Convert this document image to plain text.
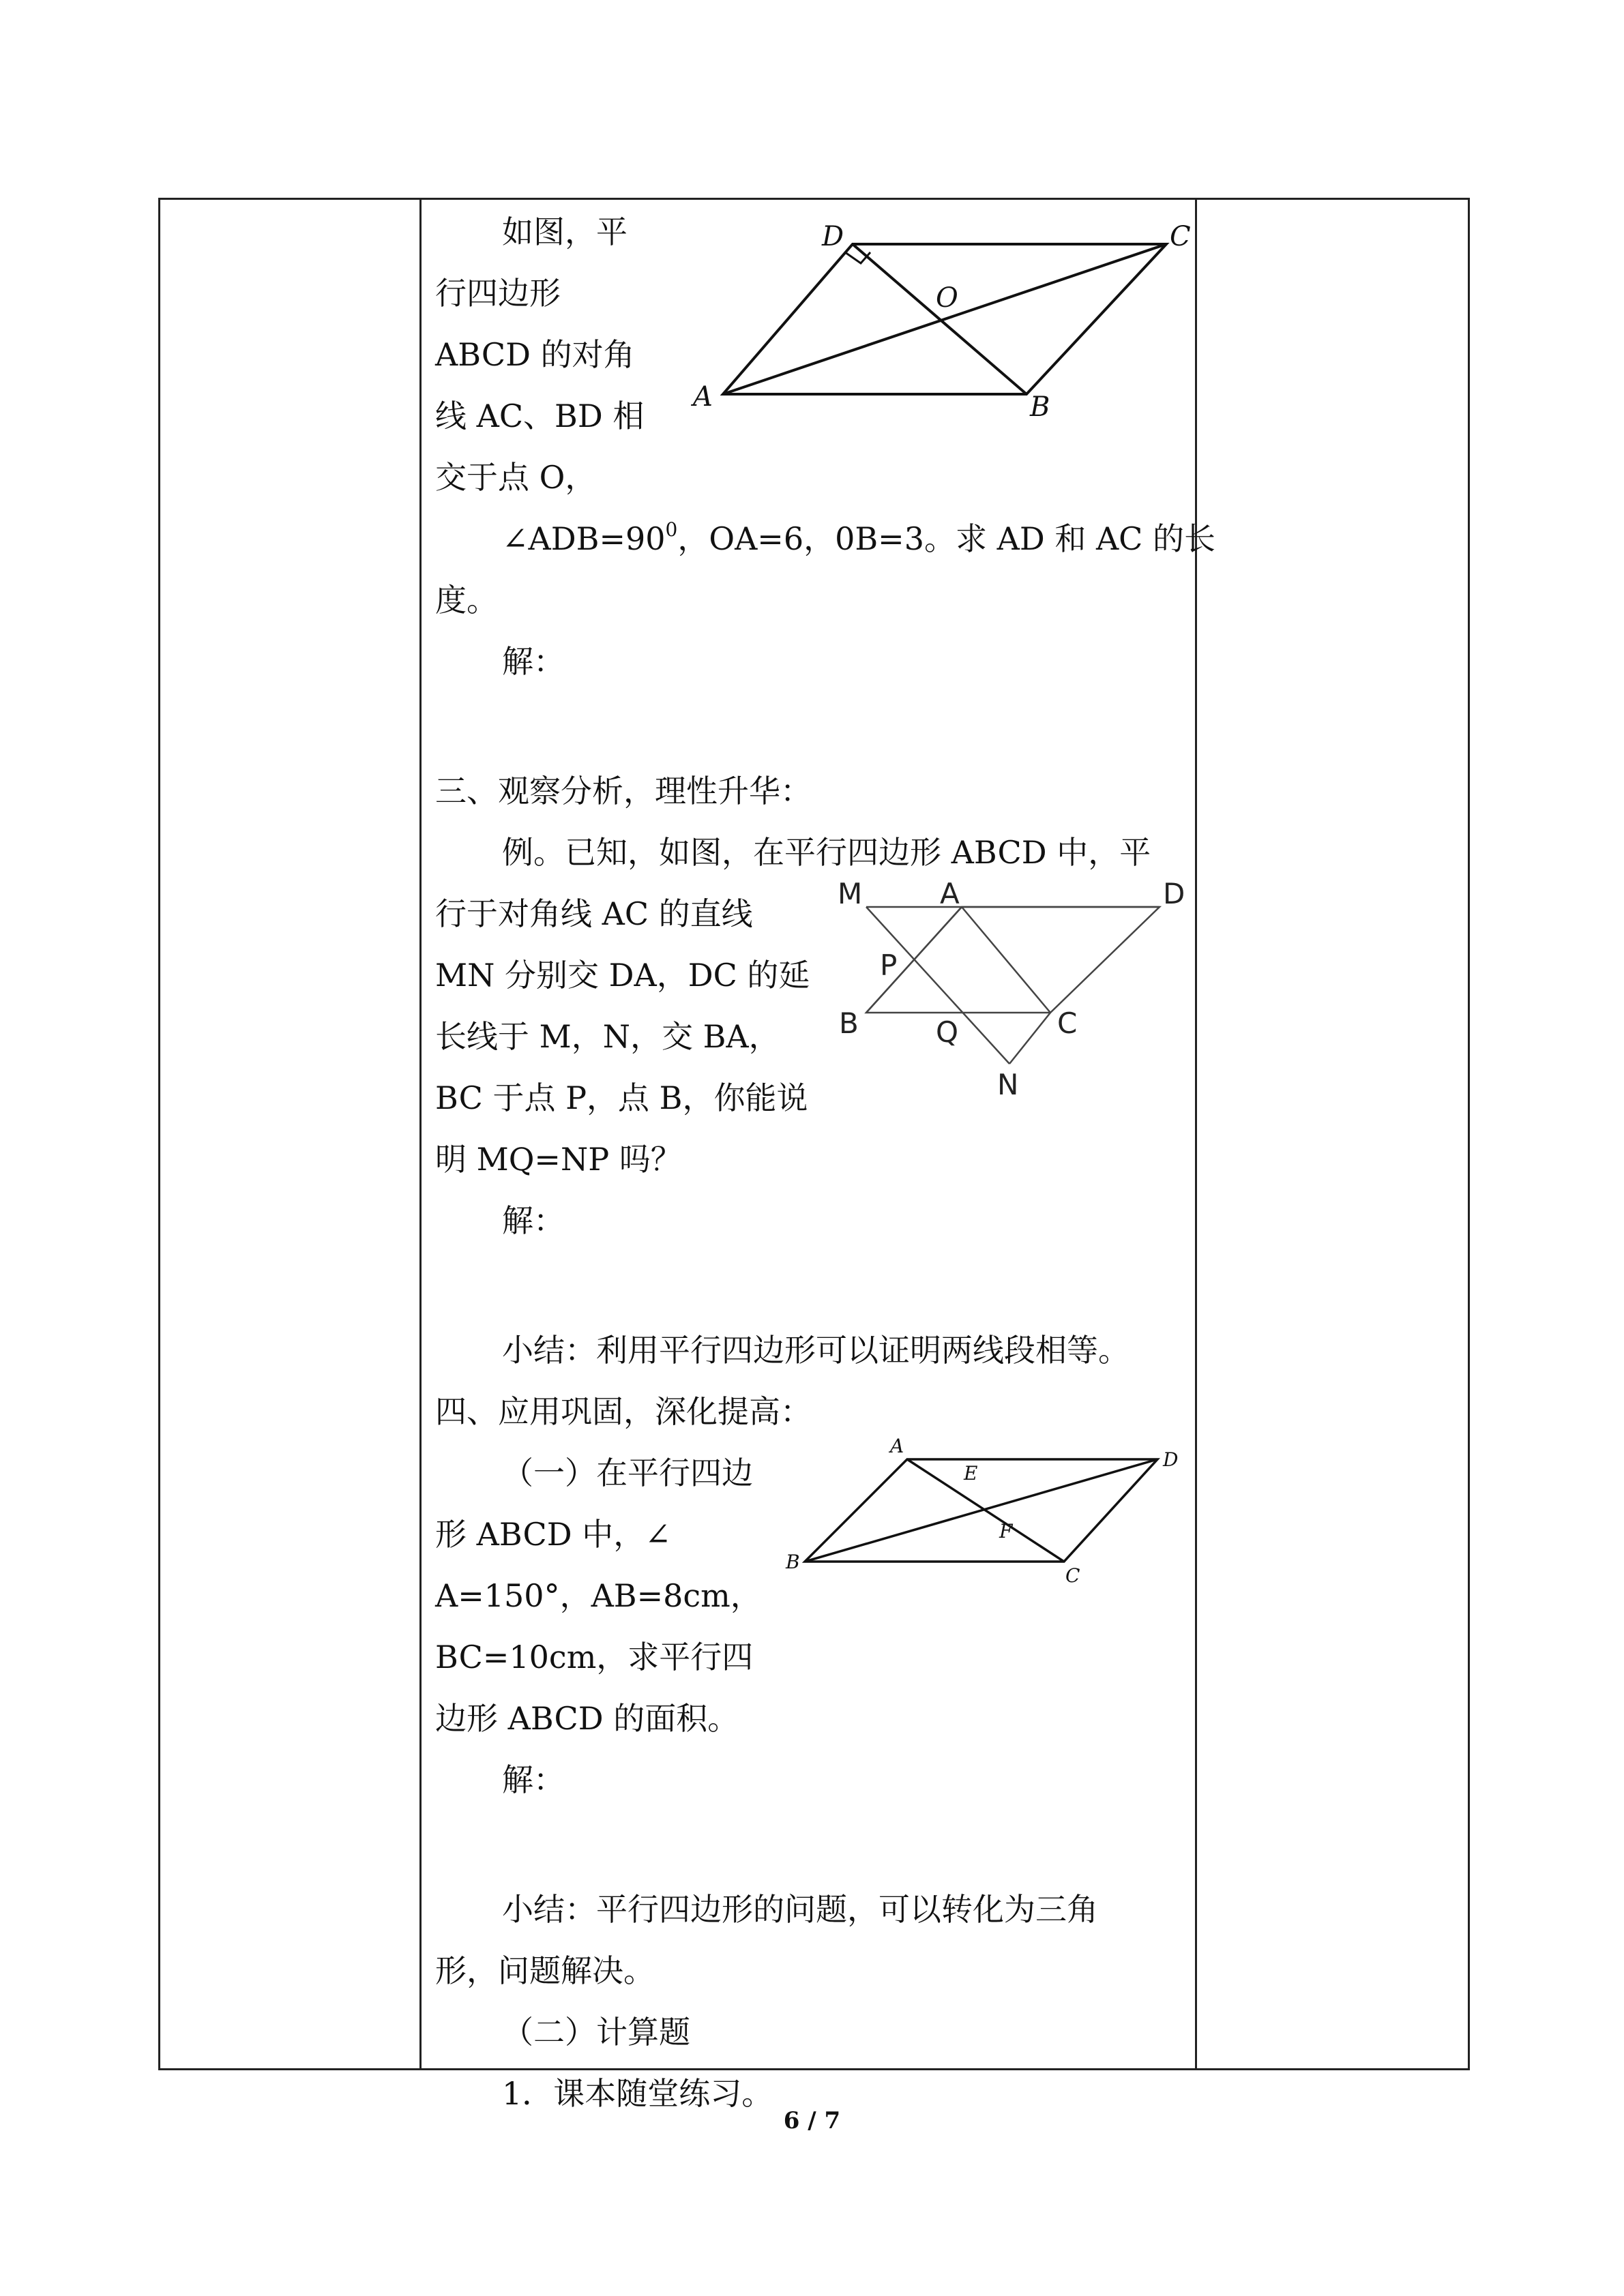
如图，平
行四边形
ABCD 的对角
线 AC、BD 相
交于点 O，
$\angle ADB=90^0$，OA=6，0B=3。求 AD 和 AC 的长
度。
解：
三、观察分析，理性升华：
例。已知，如图，在平行四边形 ABCD 中，平
行于对角线 AC 的直线
MN 分别交 DA，DC 的延
长线于 M，N，交 BA，
BC 于点 P，点 B，你能说
明 MQ=NP 吗？
解：
小结：利用平行四边形可以证明两线段相等。
四、应用巩固，深化提高：
（一）在平行四边
形 ABCD 中，∠
A=150°，AB=8cm，
BC=10cm，求平行四
边形 ABCD 的面积。
解：
小结：平行四边形的问题，可以转化为三角
形，问题解决。
（二）计算题
1．课本随堂练习。
A	B
C
D
O
M	A	D
P
B	Q	C
N
A
B
C
D
E
F
6 / 7
